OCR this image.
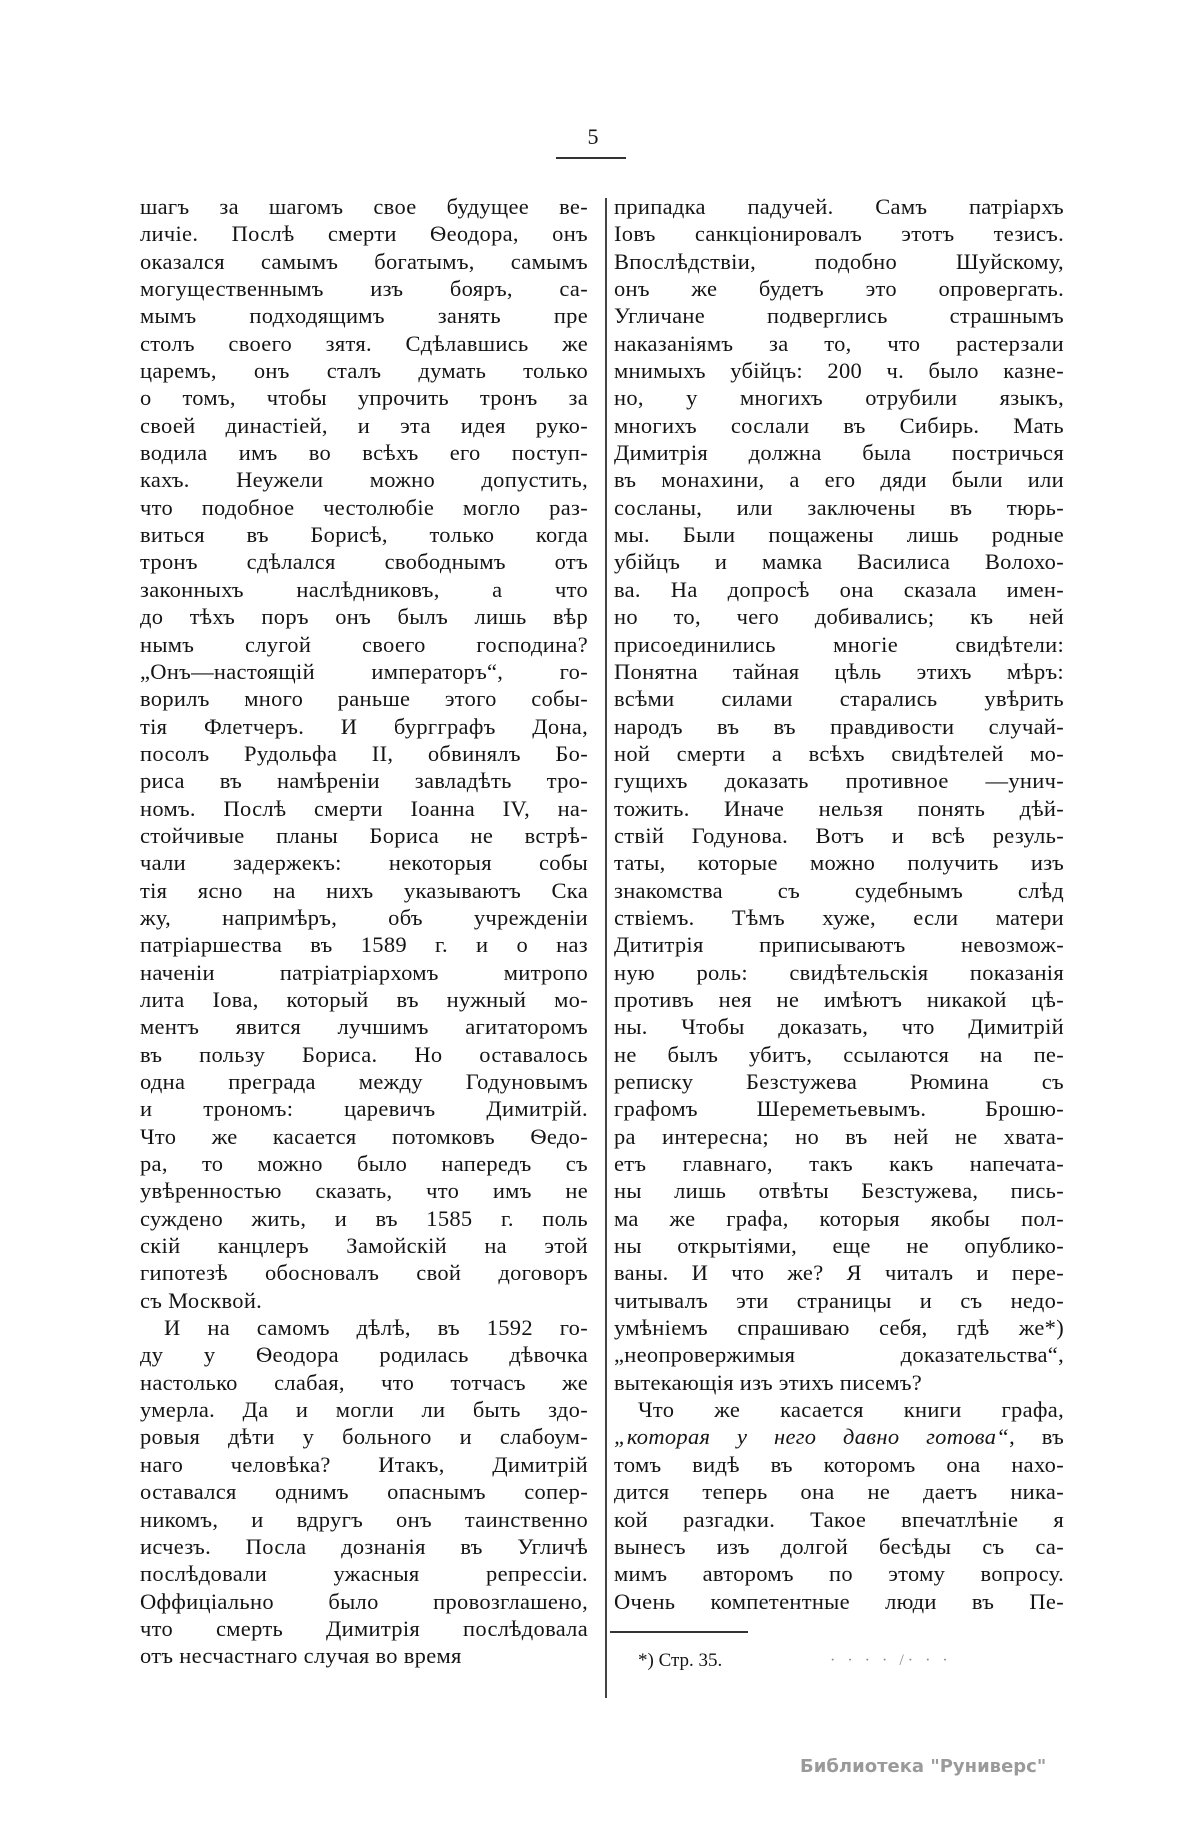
5
шагъ за шагомъ свое будущее ве-
личіе. Послѣ смерти Ѳеодора, онъ
оказался самымъ богатымъ, самымъ
могущественнымъ изъ бояръ, са-
мымъ подходящимъ занять пре
столъ своего зятя. Сдѣлавшись же
царемъ, онъ сталъ думать только
о томъ, чтобы упрочить тронъ за
своей династіей, и эта идея руко-
водила имъ во всѣхъ его поступ-
кахъ. Неужели можно допустить,
что подобное честолюбіе могло раз-
виться въ Борисѣ, только когда
тронъ сдѣлался свободнымъ отъ
законныхъ наслѣдниковъ, а что
до тѣхъ поръ онъ былъ лишь вѣр
нымъ слугой своего господина?
„Онъ—настоящій императоръ“, го-
ворилъ много раньше этого собы-
тія Флетчеръ. И бургграфъ Дона,
посолъ Рудольфа II, обвинялъ Бо-
риса въ намѣреніи завладѣть тро-
номъ. Послѣ смерти Іоанна IV, на-
стойчивые планы Бориса не встрѣ-
чали задержекъ: некоторыя собы
тія ясно на нихъ указываютъ Ска
жу, напримѣръ, объ учрежденіи
патріаршества въ 1589 г. и о наз
наченіи патріатріархомъ митропо
лита Іова, который въ нужный мо-
ментъ явится лучшимъ агитаторомъ
въ пользу Бориса. Но оставалось
одна преграда между Годуновымъ
и трономъ: царевичъ Димитрій.
Что же касается потомковъ Ѳедо-
ра, то можно было напередъ съ
увѣренностью сказать, что имъ не
суждено жить, и въ 1585 г. поль
скій канцлеръ Замойскій на этой
гипотезѣ обосновалъ свой договоръ
съ Москвой.
И на самомъ дѣлѣ, въ 1592 го-
ду у Ѳеодора родилась дѣвочка
настолько слабая, что тотчасъ же
умерла. Да и могли ли быть здо-
ровыя дѣти у больного и слабоум-
наго человѣка? Итакъ, Димитрій
оставался однимъ опаснымъ сопер-
никомъ, и вдругъ онъ таинственно
исчезъ. Посла дознанія въ Угличѣ
послѣдовали ужасныя репрессіи.
Оффиціально было провозглашено,
что смерть Димитрія послѣдовала
отъ несчастнаго случая во время
припадка падучей. Самъ патріархъ
Іовъ санкціонировалъ этотъ тезисъ.
Впослѣдствіи, подобно Шуйскому,
онъ же будетъ это опровергать.
Угличане подверглись страшнымъ
наказаніямъ за то, что растерзали
мнимыхъ убійцъ: 200 ч. было казне-
но, у многихъ отрубили языкъ,
многихъ сослали въ Сибирь. Мать
Димитрія должна была постричься
въ монахини, а его дяди были или
сосланы, или заключены въ тюрь-
мы. Были пощажены лишь родные
убійцъ и мамка Василиса Волохо-
ва. На допросѣ она сказала имен-
но то, чего добивались; къ ней
присоединились многіе свидѣтели:
Понятна тайная цѣль этихъ мѣръ:
всѣми силами старались увѣрить
народъ въ въ правдивости случай-
ной смерти а всѣхъ свидѣтелей мо-
гущихъ доказать противное —унич-
тожить. Иначе нельзя понять дѣй-
ствій Годунова. Вотъ и всѣ резуль-
таты, которые можно получить изъ
знакомства съ судебнымъ слѣд
ствіемъ. Тѣмъ хуже, если матери
Дититрія приписываютъ невозмож-
ную роль: свидѣтельскія показанія
противъ нея не имѣютъ никакой цѣ-
ны. Чтобы доказать, что Димитрій
не былъ убитъ, ссылаются на пе-
реписку Безстужева Рюмина съ
графомъ Шереметьевымъ. Брошю-
ра интересна; но въ ней не хвата-
етъ главнаго, такъ какъ напечата-
ны лишь отвѣты Безстужева, пись-
ма же графа, которыя якобы пол-
ны открытіями, еще не опублико-
ваны. И что же? Я читалъ и пере-
читывалъ эти страницы и съ недо-
умѣніемъ спрашиваю себя, гдѣ же*)
„неопровержимыя доказательства“,
вытекающія изъ этихъ писемъ?
Что же касается книги графа,
„которая у него давно готова“, въ
томъ видѣ въ которомъ она нахо-
дится теперь она не даетъ ника-
кой разгадки. Такое впечатлѣніе я
вынесъ изъ долгой бесѣды съ са-
мимъ авторомъ по этому вопросу.
Очень компетентные люди въ Пе-
*) Стр. 35.	· · · · /· · ·
Библиотека "Руниверс"
